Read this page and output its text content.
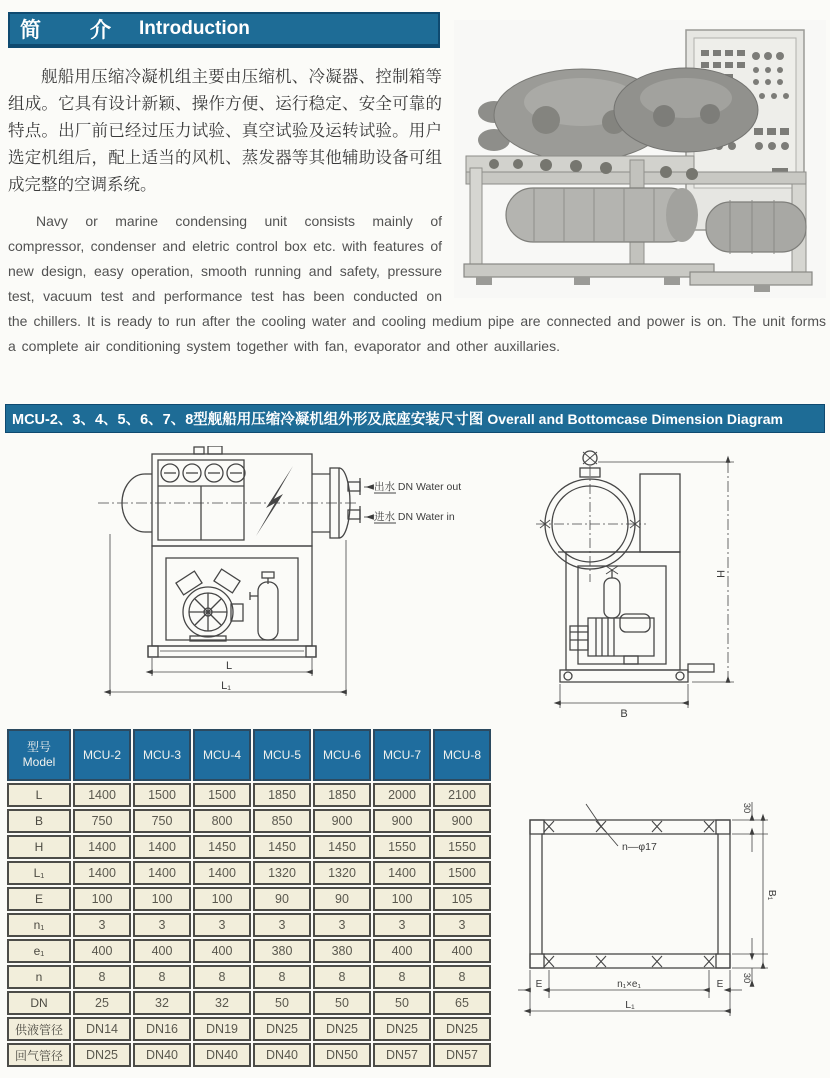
简　介 Introduction

舰船用压缩冷凝机组主要由压缩机、冷凝器、控制箱等组成。它具有设计新颖、操作方便、运行稳定、安全可靠的特点。出厂前已经过压力试验、真空试验及运转试验。用户选定机组后，配上适当的风机、蒸发器等其他辅助设备可组成完整的空调系统。

Navy or marine condensing unit consists mainly of compressor, condenser and eletric control box etc. with features of new design, easy operation, smooth running and safety, pressure test, vacuum test and performance test has been conducted on the chillers. It is ready to run after the cooling water and cooling medium pipe are connected and power is on. The unit forms a complete air conditioning system together with fan, evaporator and other auxillaries.

MCU-2、3、4、5、6、7、8型舰船用压缩冷凝机组外形及底座安装尺寸图 Overall and Bottomcase Dimension Diagram
出水 DN Water out
进水 DN Water in
L
L₁
H
B
型号
Model	MCU-2	MCU-3	MCU-4	MCU-5	MCU-6	MCU-7	MCU-8
L	1400	1500	1500	1850	1850	2000	2100
B	750	750	800	850	900	900	900
H	1400	1400	1450	1450	1450	1550	1550
L₁	1400	1400	1400	1320	1320	1400	1500
E	100	100	100	90	90	100	105
n₁	3	3	3	3	3	3	3
e₁	400	400	400	380	380	400	400
n	8	8	8	8	8	8	8
DN	25	32	32	50	50	50	65
供液管径	DN14	DN16	DN19	DN25	DN25	DN25	DN25
回气管径	DN25	DN40	DN40	DN40	DN50	DN57	DN57
n—φ17
30
B₁
30
E	n₁×e₁	E
L₁
